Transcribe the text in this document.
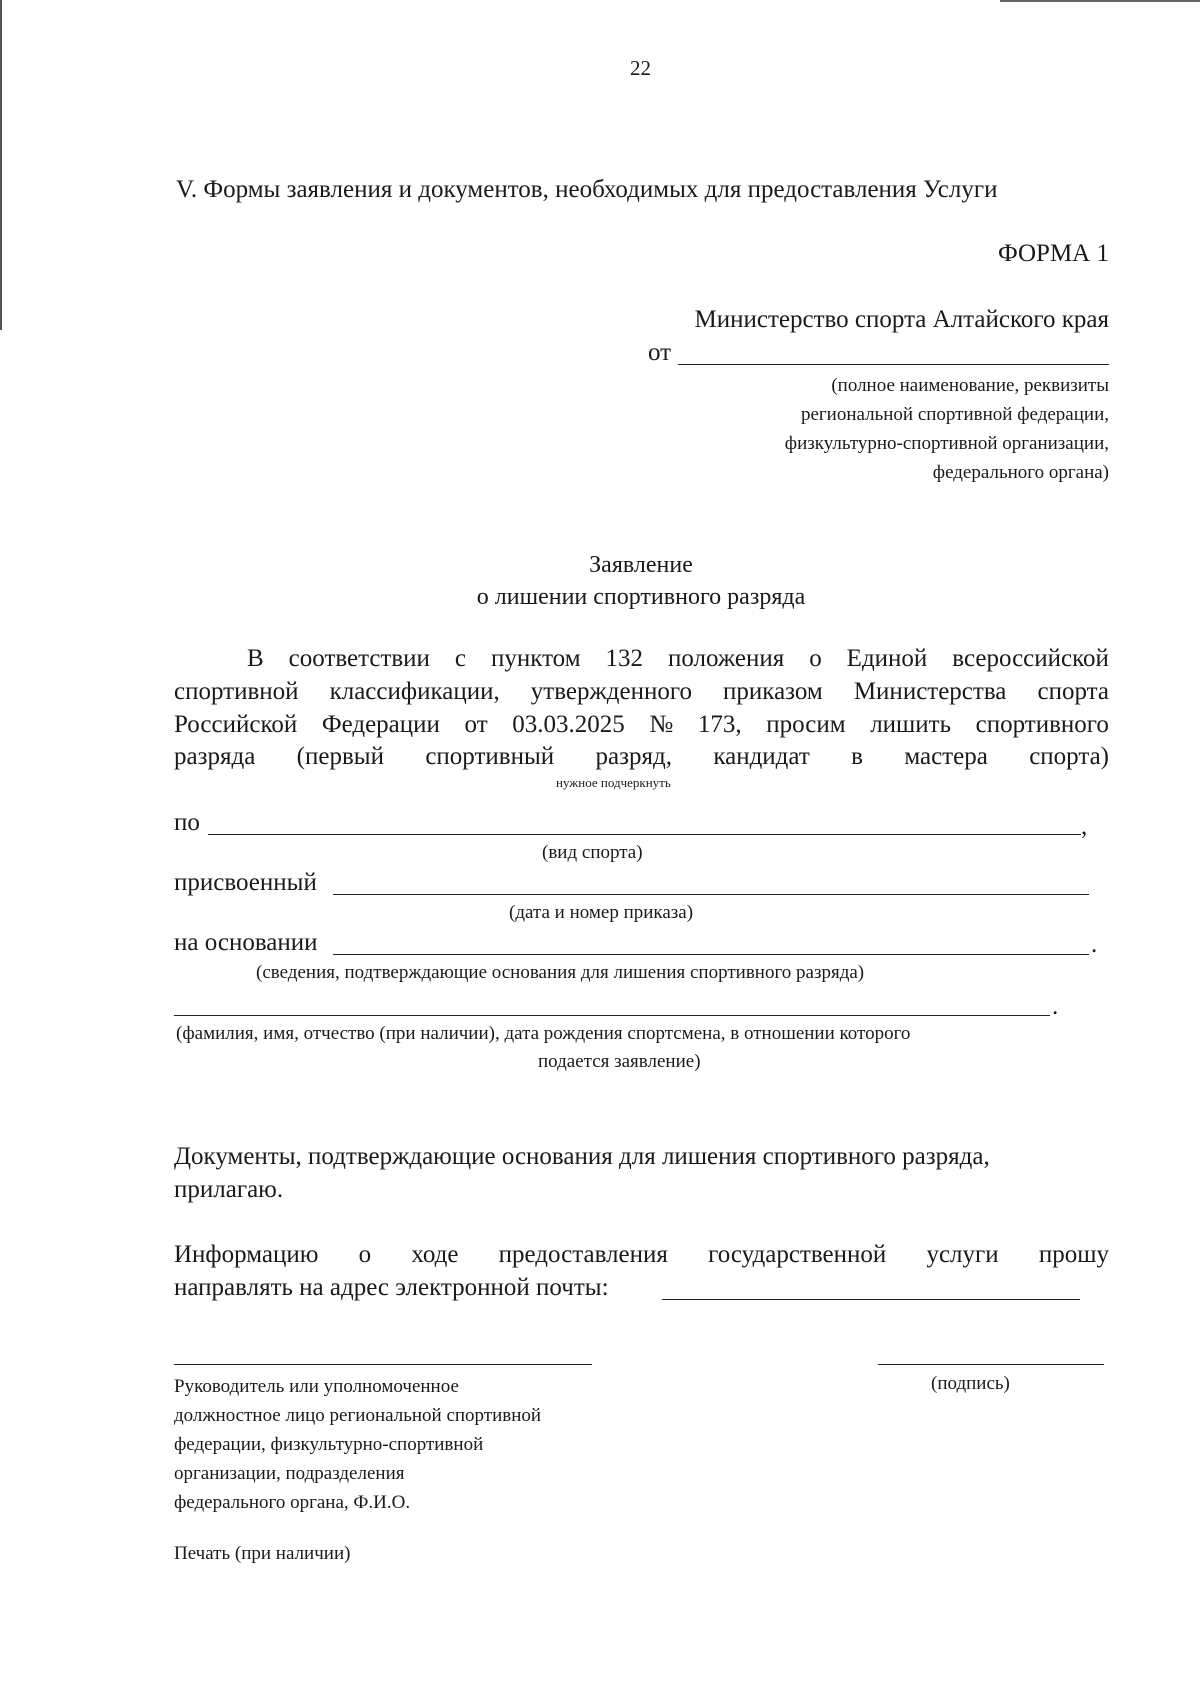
22
V. Формы заявления и документов, необходимых для предоставления Услуги
ФОРМА 1
Министерство спорта Алтайского края
от
(полное наименование, реквизиты
региональной спортивной федерации,
физкультурно-спортивной организации,
федерального органа)
Заявление
о лишении спортивного разряда
В соответствии с пунктом 132 положения о Единой всероссийской
спортивной классификации, утвержденного приказом Министерства спорта
Российской Федерации от 03.03.2025 № 173, просим лишить спортивного
разряда (первый спортивный разряд, кандидат в мастера спорта)
нужное подчеркнуть
по	,
(вид спорта)
присвоенный
(дата и номер приказа)
на основании	.
(сведения, подтверждающие основания для лишения спортивного разряда)
.
(фамилия, имя, отчество (при наличии), дата рождения спортсмена, в отношении которого
подается заявление)
Документы, подтверждающие основания для лишения спортивного разряда,
прилагаю.
Информацию о ходе предоставления государственной услуги прошу
направлять на адрес электронной почты:
Руководитель или уполномоченное
должностное лицо региональной спортивной
федерации, физкультурно-спортивной
организации, подразделения
федерального органа, Ф.И.О.
(подпись)
Печать (при наличии)
